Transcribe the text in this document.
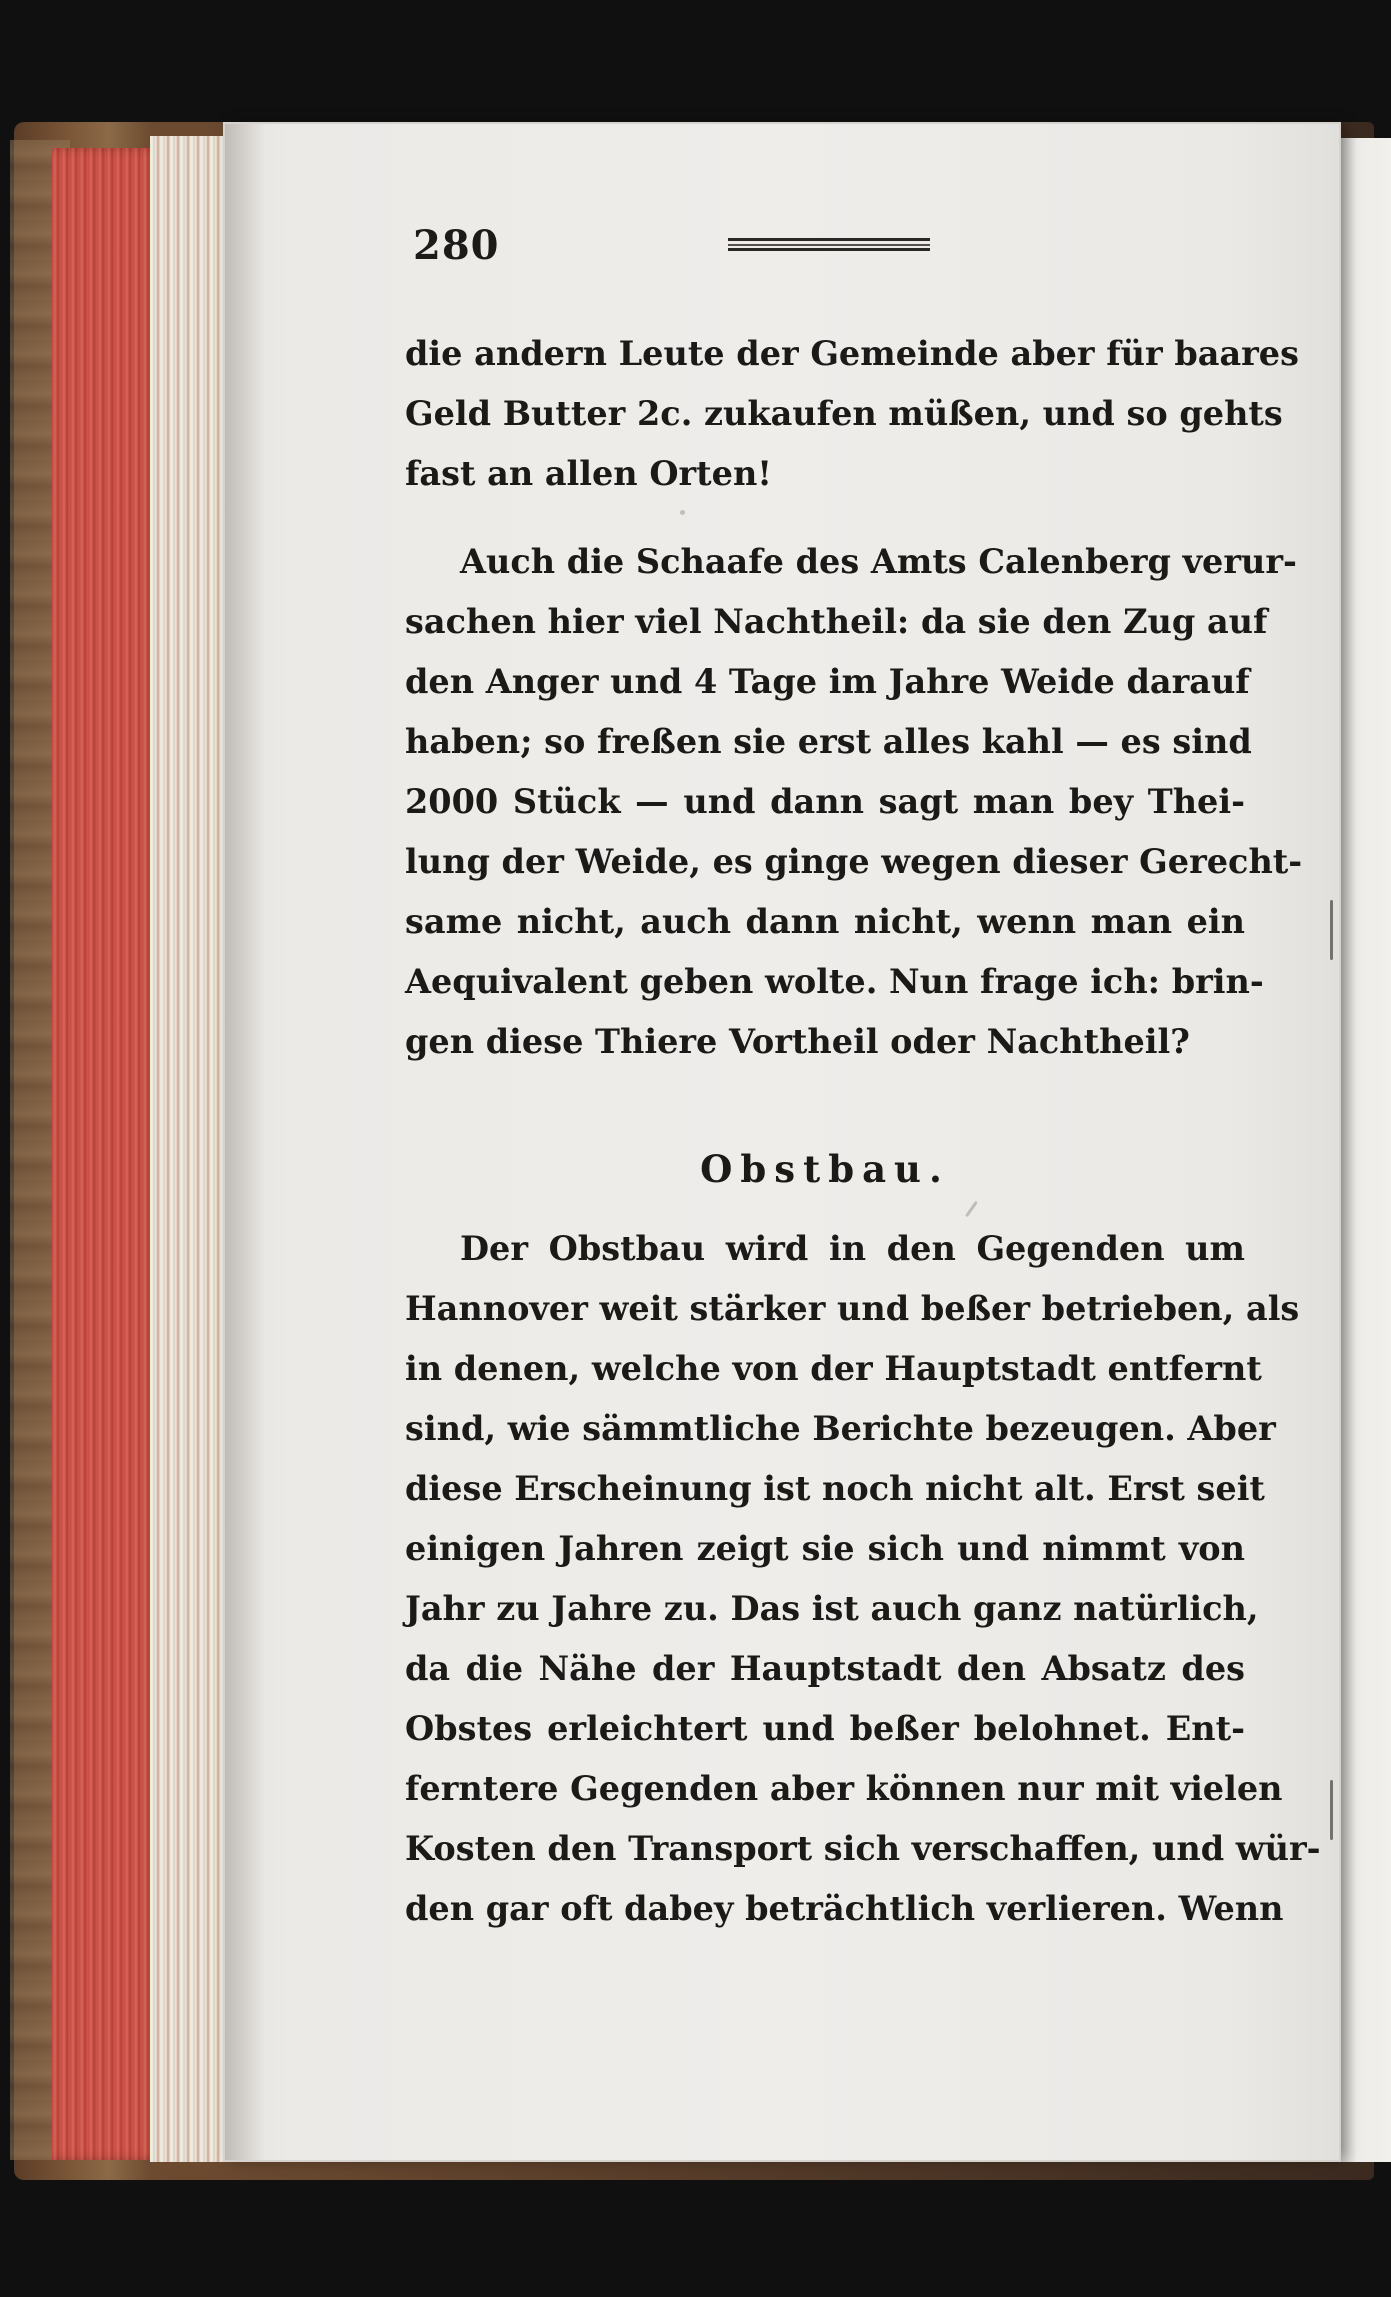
280
die andern Leute der Gemeinde aber für baares
Geld Butter 2c. zukaufen müßen, und so gehts
fast an allen Orten!
Auch die Schaafe des Amts Calenberg verur-
sachen hier viel Nachtheil: da sie den Zug auf
den Anger und 4 Tage im Jahre Weide darauf
haben; so freßen sie erst alles kahl — es sind
2000 Stück — und dann sagt man bey Thei-
lung der Weide, es ginge wegen dieser Gerecht-
same nicht, auch dann nicht, wenn man ein
Aequivalent geben wolte. Nun frage ich: brin-
gen diese Thiere Vortheil oder Nachtheil?
Obstbau.
Der Obstbau wird in den Gegenden um
Hannover weit stärker und beßer betrieben, als
in denen, welche von der Hauptstadt entfernt
sind, wie sämmtliche Berichte bezeugen. Aber
diese Erscheinung ist noch nicht alt. Erst seit
einigen Jahren zeigt sie sich und nimmt von
Jahr zu Jahre zu. Das ist auch ganz natürlich,
da die Nähe der Hauptstadt den Absatz des
Obstes erleichtert und beßer belohnet. Ent-
ferntere Gegenden aber können nur mit vielen
Kosten den Transport sich verschaffen, und wür-
den gar oft dabey beträchtlich verlieren. Wenn
